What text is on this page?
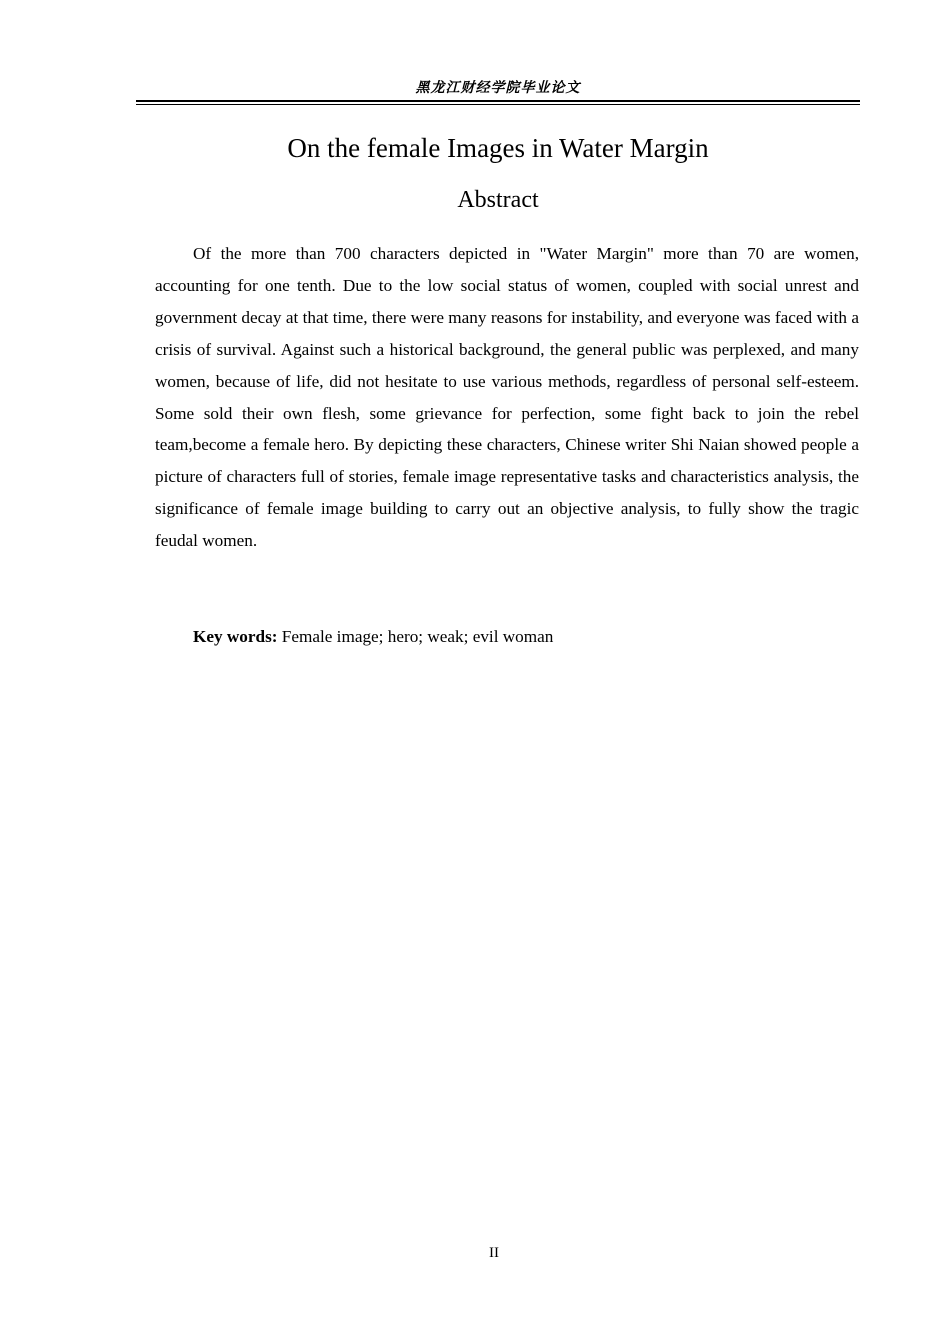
黑龙江财经学院毕业论文
On the female Images in Water Margin
Abstract

Of the more than 700 characters depicted in "Water Margin" more than 70 are women, accounting for one tenth. Due to the low social status of women, coupled with social unrest and government decay at that time, there were many reasons for instability, and everyone was faced with a crisis of survival. Against such a historical background, the general public was perplexed, and many women, because of life, did not hesitate to use various methods, regardless of personal self-esteem. Some sold their own flesh, some grievance for perfection, some fight back to join the rebel team,become a female hero. By depicting these characters, Chinese writer Shi Naian showed people a picture of characters full of stories, female image representative tasks and characteristics analysis, the significance of female image building to carry out an objective analysis, to fully show the tragic feudal women.

Key words: Female image; hero; weak; evil woman
II
